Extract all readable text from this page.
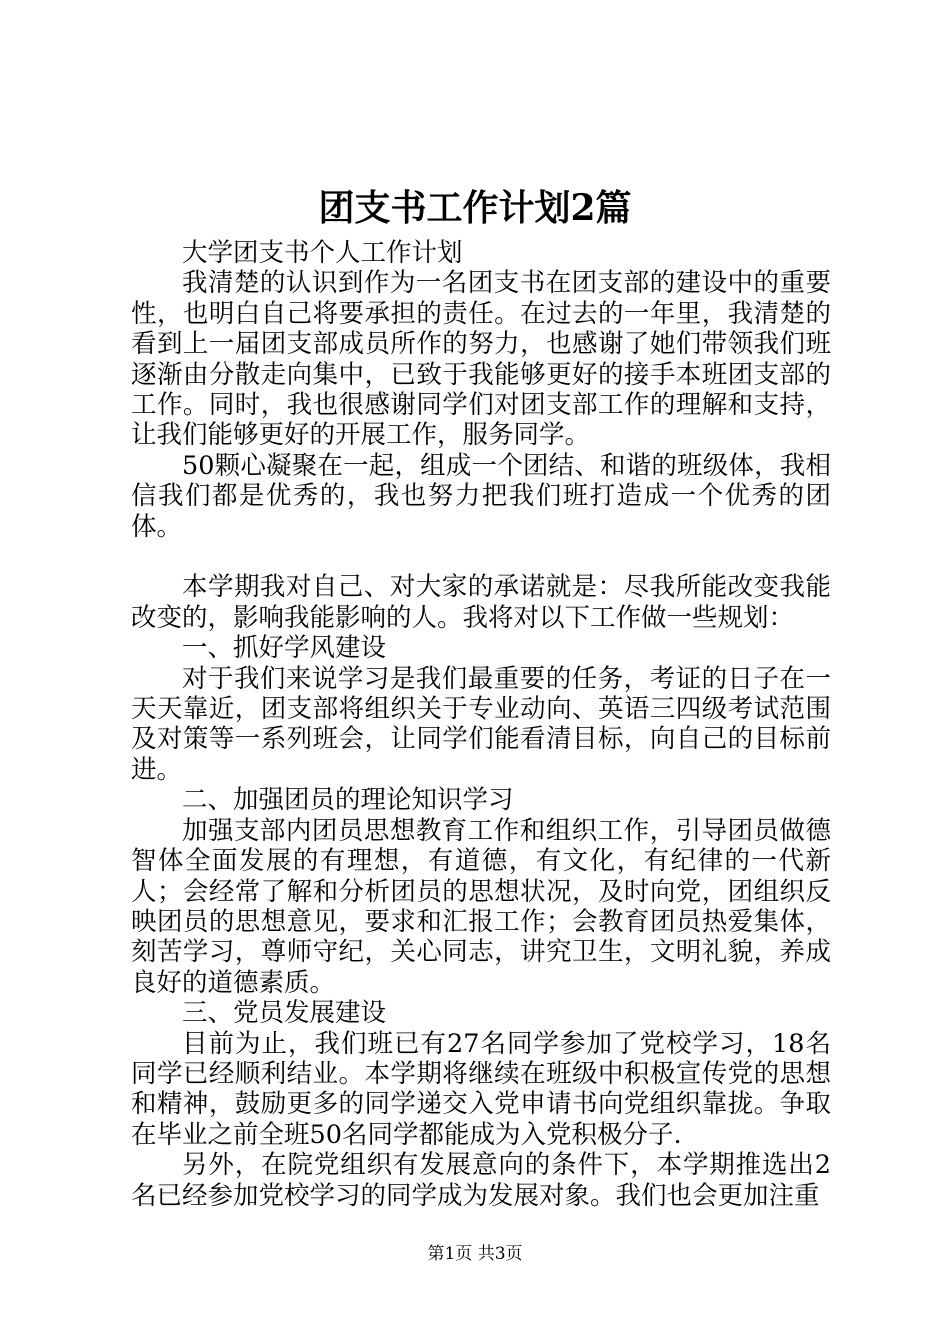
团支书工作计划2篇

大学团支书个人工作计划

我清楚的认识到作为一名团支书在团支部的建设中的重要性，也明白自己将要承担的责任。在过去的一年里，我清楚的看到上一届团支部成员所作的努力，也感谢了她们带领我们班逐渐由分散走向集中，已致于我能够更好的接手本班团支部的工作。同时，我也很感谢同学们对团支部工作的理解和支持，让我们能够更好的开展工作，服务同学。

50颗心凝聚在一起，组成一个团结、和谐的班级体，我相信我们都是优秀的，我也努力把我们班打造成一个优秀的团体。

本学期我对自己、对大家的承诺就是：尽我所能改变我能改变的，影响我能影响的人。我将对以下工作做一些规划：

一、抓好学风建设

对于我们来说学习是我们最重要的任务，考证的日子在一天天靠近，团支部将组织关于专业动向、英语三四级考试范围及对策等一系列班会，让同学们能看清目标，向自己的目标前进。

二、加强团员的理论知识学习

加强支部内团员思想教育工作和组织工作，引导团员做德智体全面发展的有理想，有道德，有文化，有纪律的一代新人；会经常了解和分析团员的思想状况，及时向党，团组织反映团员的思想意见，要求和汇报工作；会教育团员热爱集体，刻苦学习，尊师守纪，关心同志，讲究卫生，文明礼貌，养成良好的道德素质。

三、党员发展建设

目前为止，我们班已有27名同学参加了党校学习，18名同学已经顺利结业。本学期将继续在班级中积极宣传党的思想和精神，鼓励更多的同学递交入党申请书向党组织靠拢。争取在毕业之前全班50名同学都能成为入党积极分子.

另外，在院党组织有发展意向的条件下，本学期推选出2名已经参加党校学习的同学成为发展对象。我们也会更加注重

第1页 共3页
